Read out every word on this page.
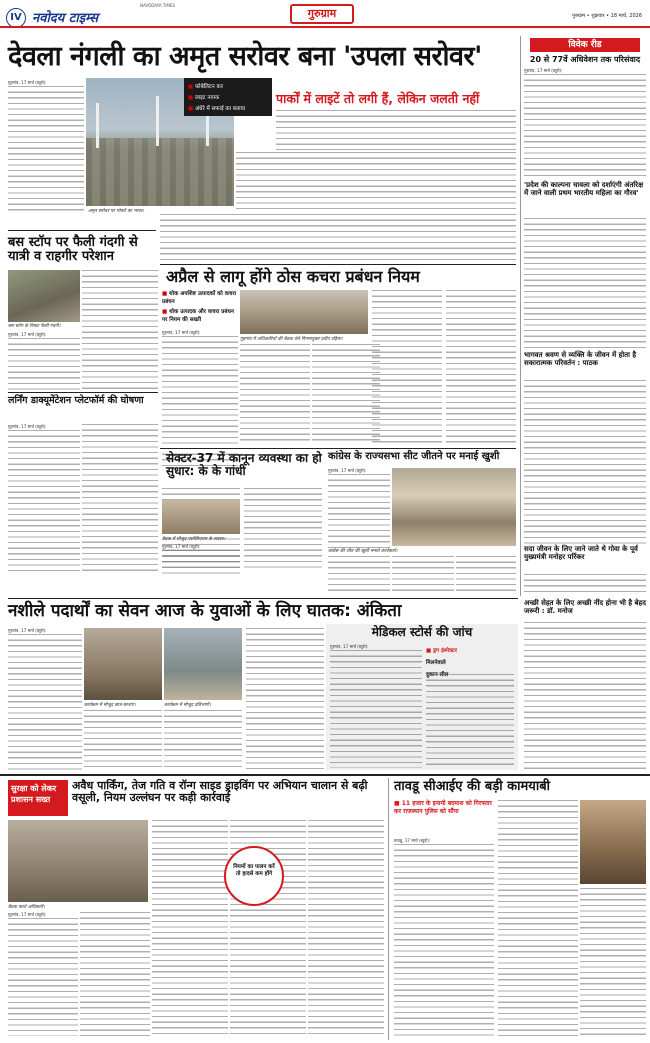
IV नवोदय टाइम्स
NAVODAYA TIMES
गुरुग्राम	गुरुग्राम • शुक्रवार • 18 मार्च, 2026
देवला नंगली का अमृत सरोवर बना 'उपला सरोवर'
गुड़गांव, 17 मार्च (ब्यूरो):
■ कोबेलिटन कर
■ लाइट नायक
■ अंधेरे में सफाई का बताया
अमृत सरोवर पर गोबरों का भराव।
पार्कों में लाइटें तो लगी हैं, लेकिन जलती नहीं
बस स्टॉप पर फैली गंदगी से यात्री व राहगीर परेशान
बस स्टॉप के निकट फैली गंदगी।
गुड़गांव, 17 मार्च (ब्यूरो):
अप्रैल से लागू होंगे ठोस कचरा प्रबंधन नियम
■ थोक अपशिष्ट उत्पादकों को कचरा प्रबंधन
■ थोक उत्पादक और कचरा प्रबंधन पर नियम की सख्ती
गुड़गांव, 17 मार्च (ब्यूरो):
गुड़गांव में अधिकारियों की बैठक लेते निगमायुक्त प्रदीप दहिया।
लर्निंग डाक्यूमेंटेशन प्लेटफॉर्म की घोषणा
गुड़गांव, 17 मार्च (ब्यूरो):
सेक्टर-37 में कानून व्यवस्था का हो सुधार: के के गांधी
बैठक में मौजूद एसोसिएशन के सदस्य।
गुड़गांव, 17 मार्च (ब्यूरो):
कांग्रेस के राज्यसभा सीट जीतने पर मनाई खुशी
गुड़गांव, 17 मार्च (ब्यूरो):
कांग्रेस की जीत की खुशी मनाते कार्यकर्ता।
विवेक रीड
20 से 77वें अधिवेशन तक परिसंवाद
गुड़गांव, 17 मार्च (ब्यूरो):
'प्रदेश की काल्पना चावला को दर्शाएंगी अंतरिक्ष में जाने वाली प्रथम भारतीय महिला का गौरव'
भागवत श्रवण से व्यक्ति के जीवन में होता है सकारात्मक परिवर्तन : पाठक
सदा जीवन के लिए जाने जाते थे गोवा के पूर्व मुख्यमंत्री मनोहर पर्रिकर
नशीले पदार्थों का सेवन आज के युवाओं के लिए घातक: अंकिता
गुड़गांव, 17 मार्च (ब्यूरो):
कार्यक्रम में मौजूद छात्र-छात्राएं।	कार्यक्रम में मौजूद प्रतिभागी।
मेडिकल स्टोर्स की जांच
गुड़गांव, 17 मार्च (ब्यूरो):
■ ड्रग इंस्पेक्टर
मिलनेवाले
दुकान सील
अच्छी सेहत के लिए अच्छी नींद होना भी है बेहद जरूरी : डॉ. मनोज
सुरक्षा को लेकर प्रशासन सख्त
अवैध पार्किंग, तेज गति व रॉन्ग साइड ड्राइविंग पर अभियान चालान से बढ़ी वसूली, नियम उल्लंघन पर कड़ी कार्रवाई
बैठक करते अधिकारी।
गुड़गांव, 17 मार्च (ब्यूरो):
नियमों का पालन करें तो हादसे कम होंगे
तावडू सीआईए की बड़ी कामयाबी
■ 11 हजार के इनामी बदमाश को गिरफ्तार कर राजस्थान पुलिस को सौंपा
तावडू, 17 मार्च (ब्यूरो):
